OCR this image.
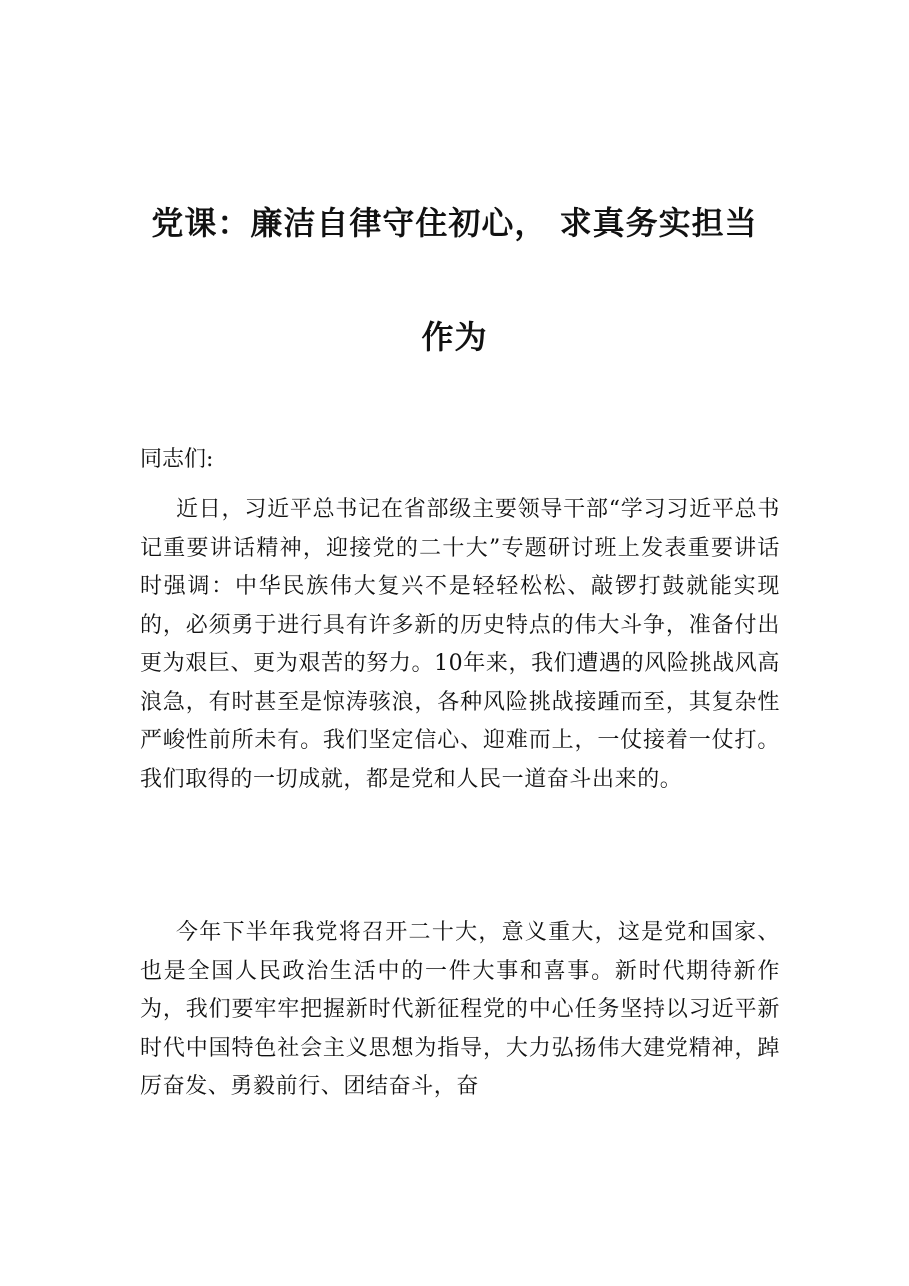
党课：廉洁自律守住初心， 求真务实担当
作为
同志们:

近日，习近平总书记在省部级主要领导干部“学习习近平总书记重要讲话精神，迎接党的二十大”专题研讨班上发表重要讲话时强调：中华民族伟大复兴不是轻轻松松、敲锣打鼓就能实现的，必须勇于进行具有许多新的历史特点的伟大斗争，准备付出更为艰巨、更为艰苦的努力。10年来，我们遭遇的风险挑战风高浪急，有时甚至是惊涛骇浪，各种风险挑战接踵而至，其复杂性严峻性前所未有。我们坚定信心、迎难而上，一仗接着一仗打。我们取得的一切成就，都是党和人民一道奋斗出来的。

今年下半年我党将召开二十大，意义重大，这是党和国家、也是全国人民政治生活中的一件大事和喜事。新时代期待新作为，我们要牢牢把握新时代新征程党的中心任务坚持以习近平新时代中国特色社会主义思想为指导，大力弘扬伟大建党精神，踔厉奋发、勇毅前行、团结奋斗，奋
